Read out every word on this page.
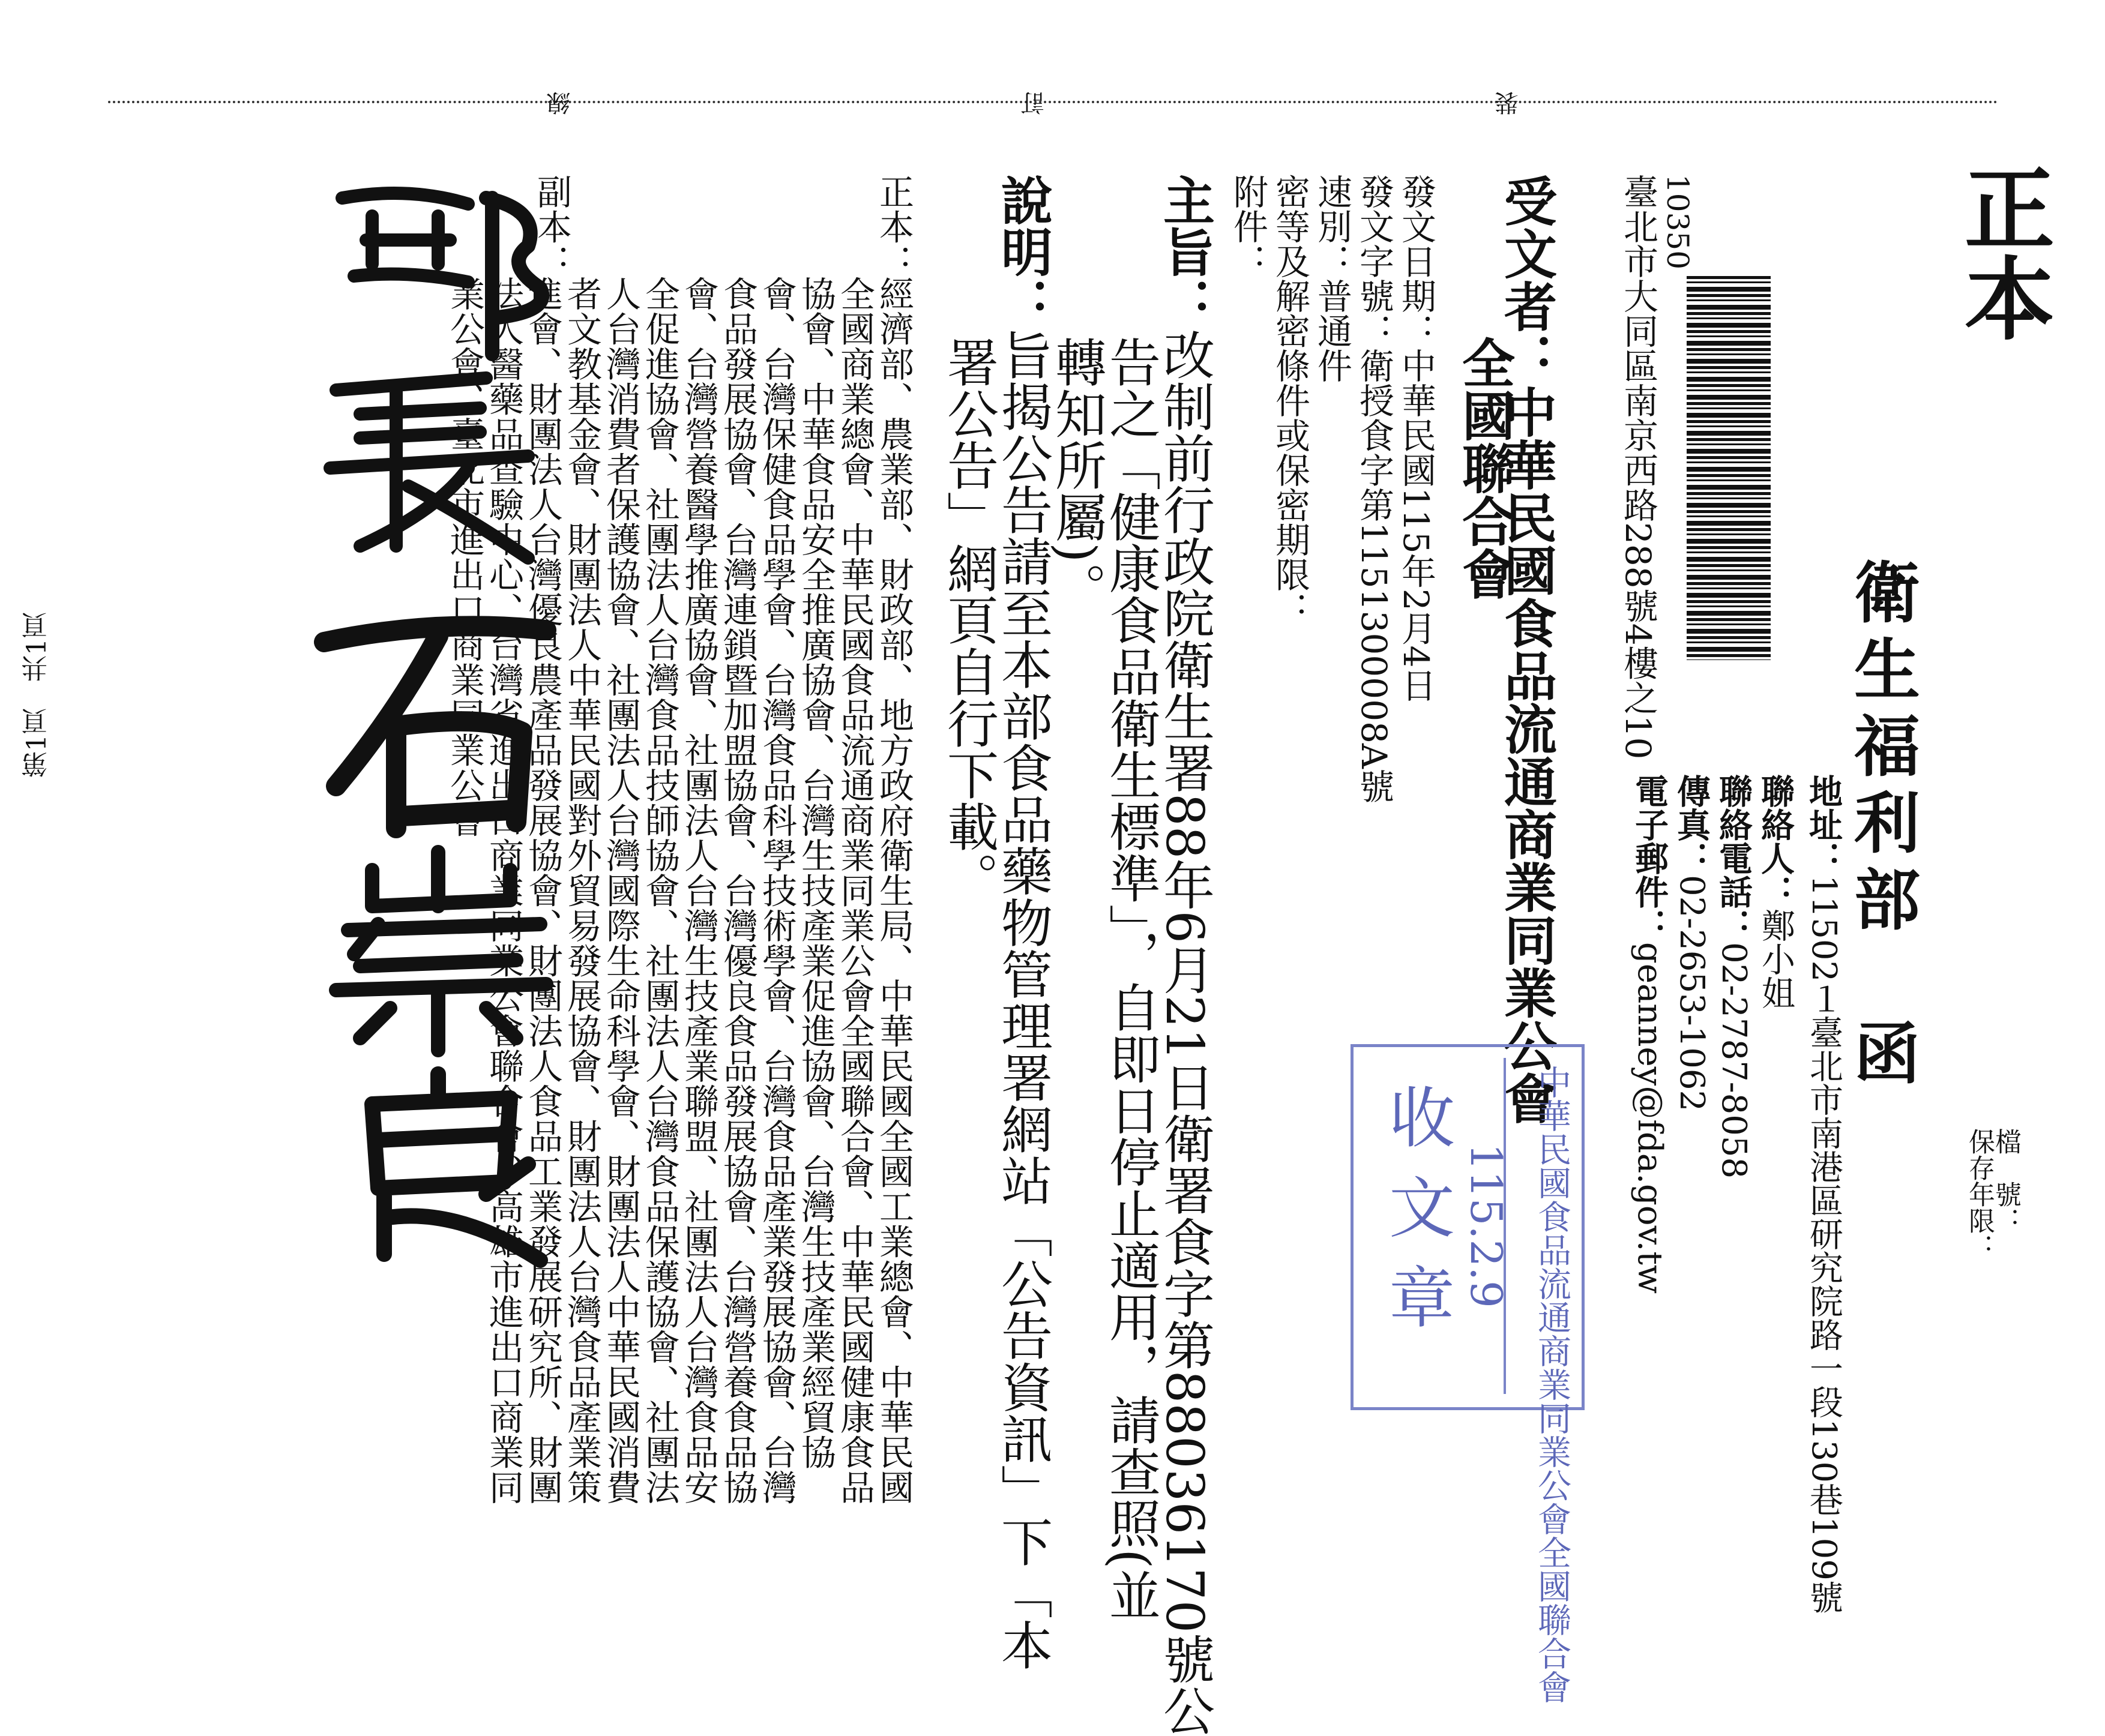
裝
訂
線
正本
衛生福利部　函
地址：11502１臺北市南港區研究院路一段130巷109號
聯絡人：鄭小姐
聯絡電話：02-2787-8058
傳真：02-2653-1062
電子郵件：geanney@fda.gov.tw	檔　號：
保存年限：
10350
臺北市大同區南京西路288號4樓之10
受文者：中華民國食品流通商業同業公會
全國聯合會
發文日期：中華民國115年2月4日
發文字號：衛授食字第1151300008A號
速別：普通件
密等及解密條件或保密期限：
附件：
主旨：改制前行政院衛生署88年6月21日衛署食字第88036170號公
告之「健康食品衛生標準」，自即日停止適用，請查照(並
轉知所屬)。
說明：旨揭公告請至本部食品藥物管理署網站「公告資訊」下「本
署公告」網頁自行下載。
正本：
經濟部、農業部、財政部、地方政府衛生局、中華民國全國工業總會、中華民國
全國商業總會、中華民國食品流通商業同業公會全國聯合會、中華民國健康食品
協會、中華食品安全推廣協會、台灣生技產業促進協會、台灣生技產業經貿協
會、台灣保健食品學會、台灣食品科學技術學會、台灣食品產業發展協會、台灣
食品發展協會、台灣連鎖暨加盟協會、台灣優良食品發展協會、台灣營養食品協
會、台灣營養醫學推廣協會、社團法人台灣生技產業聯盟、社團法人台灣食品安
全促進協會、社團法人台灣食品技師協會、社團法人台灣食品保護協會、社團法
人台灣消費者保護協會、社團法人台灣國際生命科學會、財團法人中華民國消費
者文教基金會、財團法人中華民國對外貿易發展協會、財團法人台灣食品產業策
進會、財團法人台灣優良農產品發展協會、財團法人食品工業發展研究所、財團
法人醫藥品查驗中心、台灣省進出口商業同業公會聯合會、高雄市進出口商業同
業公會、臺北市進出口商業同業公會
副本：
中華民國食品流通商業同業公會全國聯合會
115.2.9
收文章
第1頁　共1頁
